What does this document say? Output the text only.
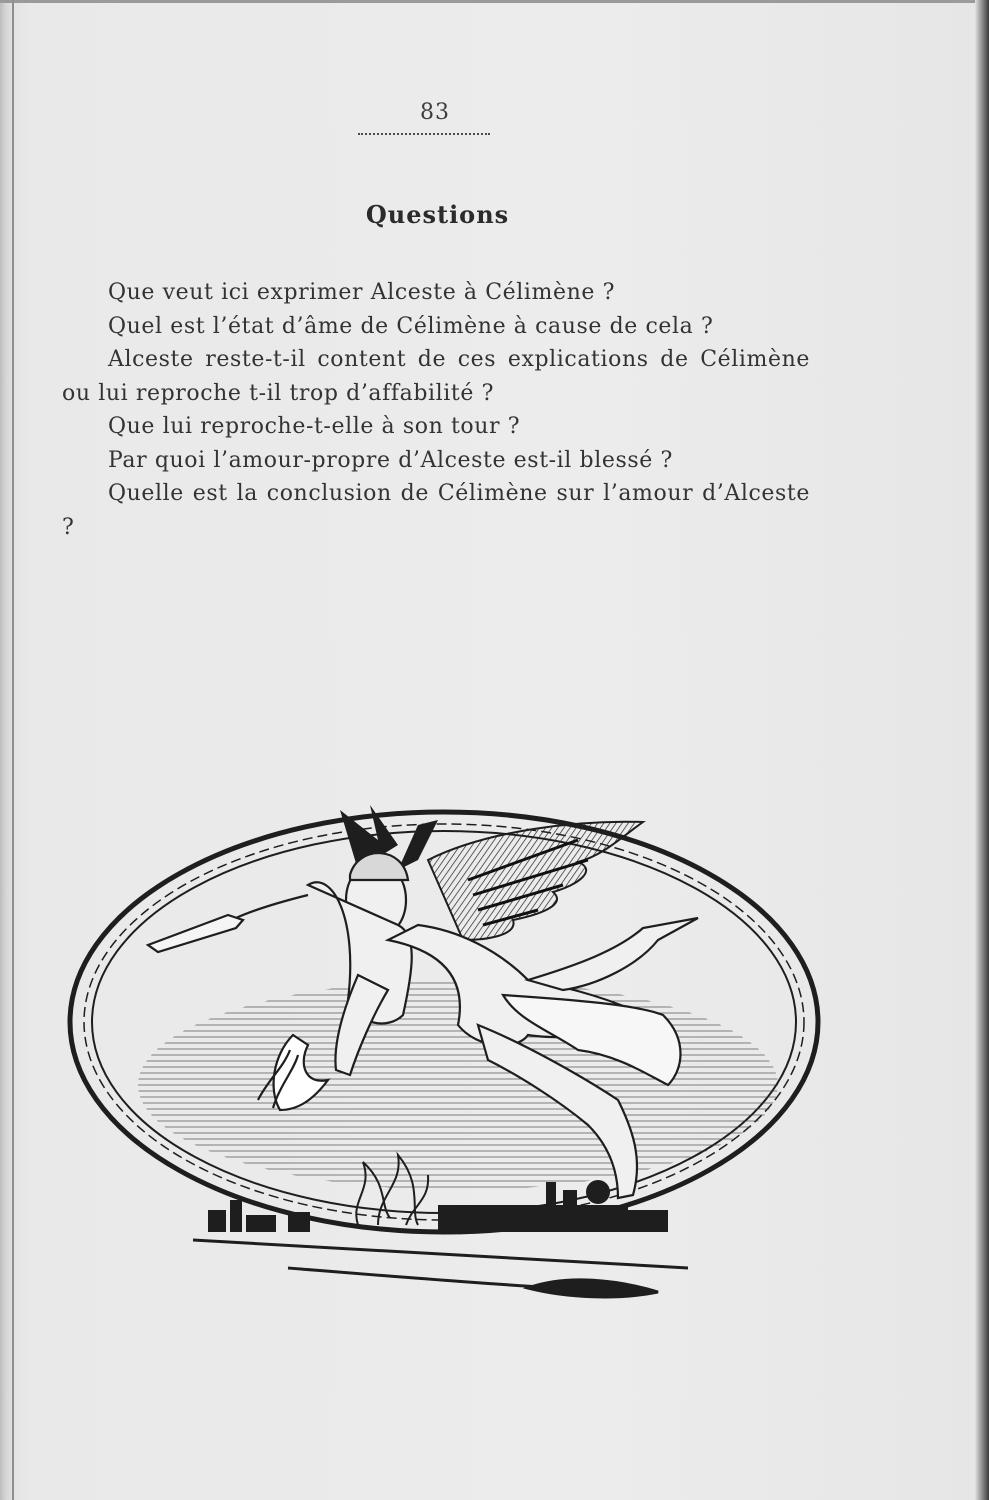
83
Questions

Que veut ici exprimer Alceste à Célimène ?

Quel est l’état d’âme de Célimène à cause de cela ?

Alceste reste-t-il content de ces explications de Célimène ou lui reproche t-il trop d’affabilité ?

Que lui reproche-t-elle à son tour ?

Par quoi l’amour-propre d’Alceste est-il blessé ?

Quelle est la conclusion de Célimène sur l’amour d’Alceste ?
